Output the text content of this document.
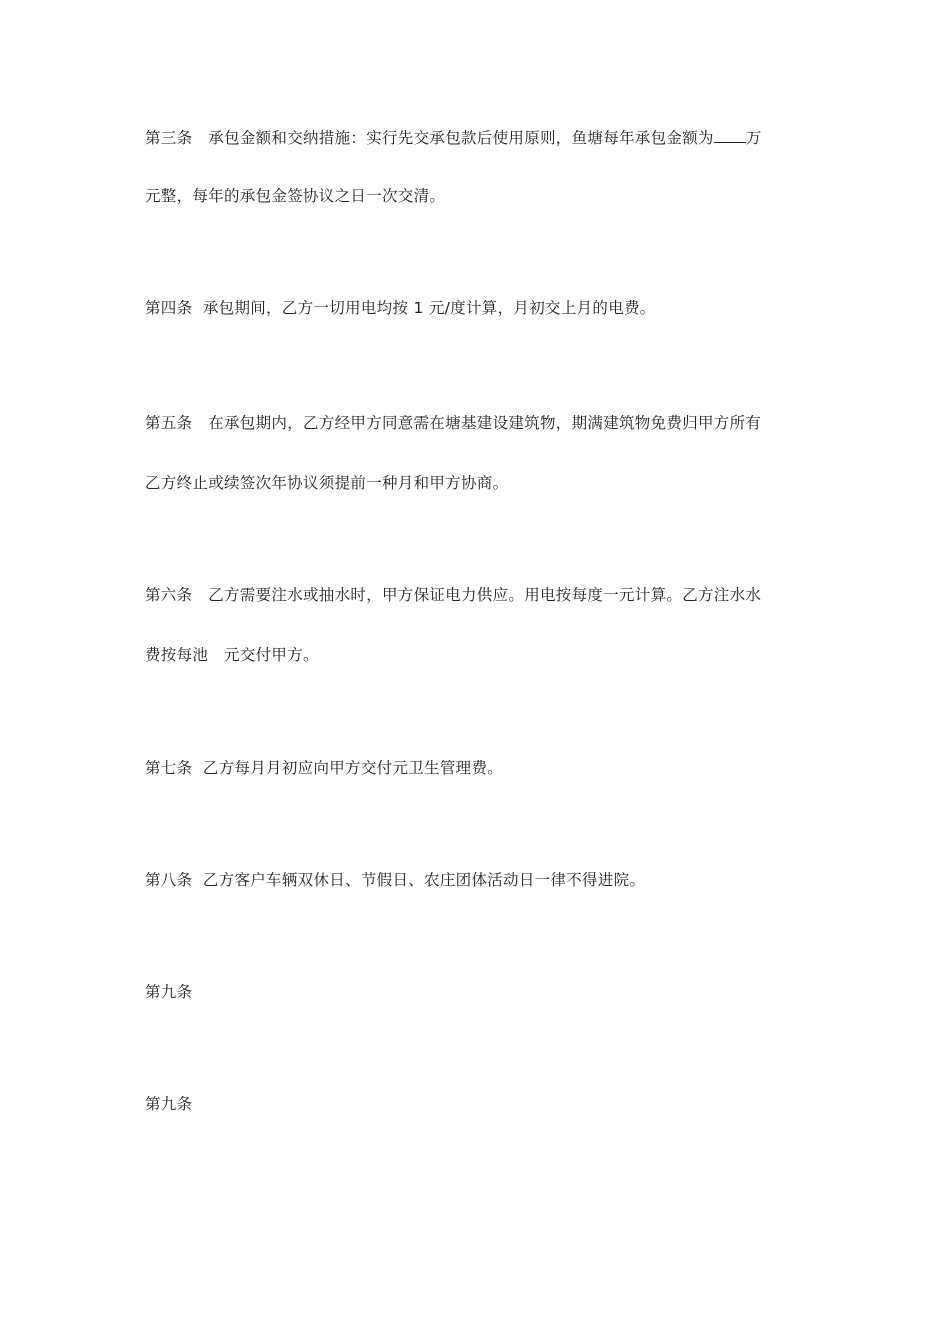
第三条　承包金额和交纳措施：实行先交承包款后使用原则，鱼塘每年承包金额为 万
元整，每年的承包金签协议之日一次交清。
第四条  承包期间，乙方一切用电均按 1 元/度计算，月初交上月的电费。
第五条　在承包期内，乙方经甲方同意需在塘基建设建筑物，期满建筑物免费归甲方所有
乙方终止或续签次年协议须提前一种月和甲方协商。
第六条　乙方需要注水或抽水时，甲方保证电力供应。用电按每度一元计算。乙方注水水
费按每池　元交付甲方。
第七条  乙方每月月初应向甲方交付元卫生管理费。
第八条  乙方客户车辆双休日、节假日、农庄团体活动日一律不得进院。
第九条
第九条
